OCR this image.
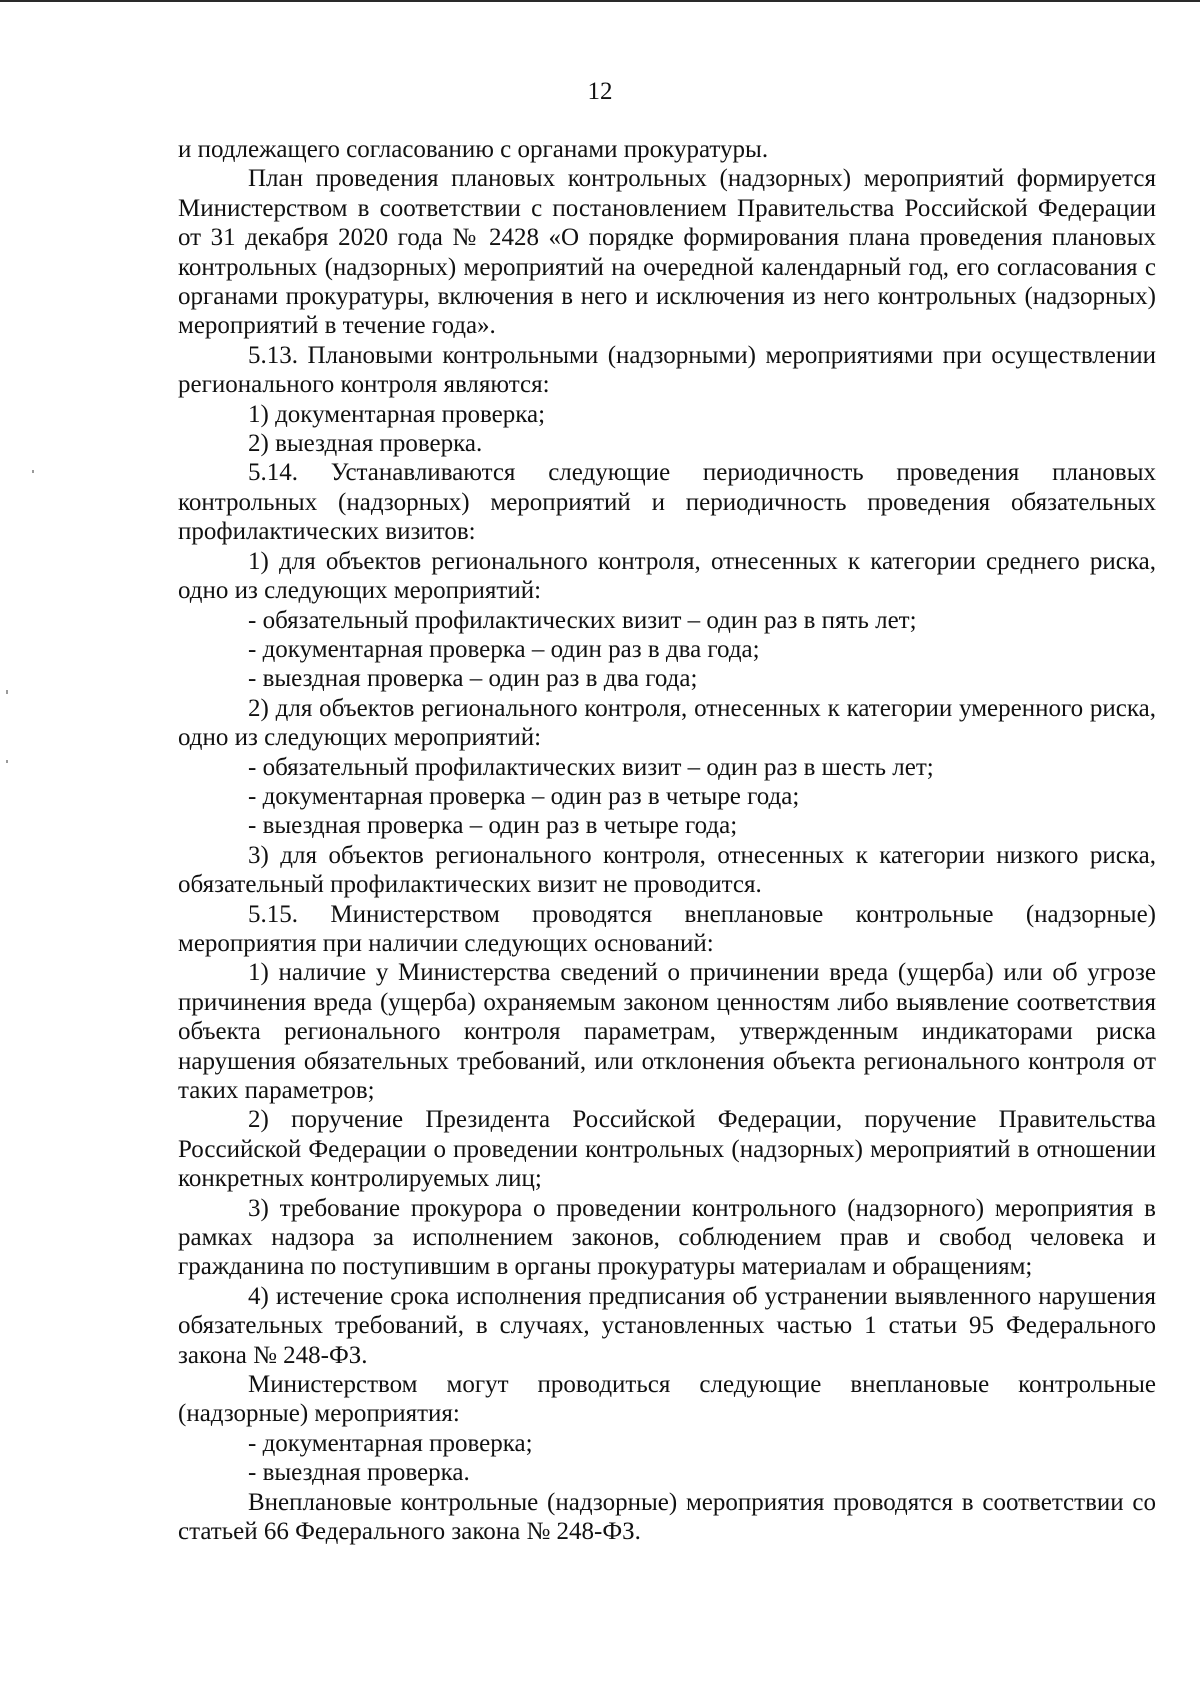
12

и подлежащего согласованию с органами прокуратуры.

План проведения плановых контрольных (надзорных) мероприятий формируется Министерством в соответствии с постановлением Правительства Российской Федерации от 31 декабря 2020 года № 2428 «О порядке формирования плана проведения плановых контрольных (надзорных) мероприятий на очередной календарный год, его согласования с органами прокуратуры, включения в него и исключения из него контрольных (надзорных) мероприятий в течение года».

5.13. Плановыми контрольными (надзорными) мероприятиями при осуществлении регионального контроля являются:

1) документарная проверка;

2) выездная проверка.

5.14. Устанавливаются следующие периодичность проведения плановых контрольных (надзорных) мероприятий и периодичность проведения обязательных профилактических визитов:

1) для объектов регионального контроля, отнесенных к категории среднего риска, одно из следующих мероприятий:

- обязательный профилактических визит – один раз в пять лет;

- документарная проверка – один раз в два года;

- выездная проверка – один раз в два года;

2) для объектов регионального контроля, отнесенных к категории умеренного риска, одно из следующих мероприятий:

- обязательный профилактических визит – один раз в шесть лет;

- документарная проверка – один раз в четыре года;

- выездная проверка – один раз в четыре года;

3) для объектов регионального контроля, отнесенных к категории низкого риска, обязательный профилактических визит не проводится.

5.15. Министерством проводятся внеплановые контрольные (надзорные) мероприятия при наличии следующих оснований:

1) наличие у Министерства сведений о причинении вреда (ущерба) или об угрозе причинения вреда (ущерба) охраняемым законом ценностям либо выявление соответствия объекта регионального контроля параметрам, утвержденным индикаторами риска нарушения обязательных требований, или отклонения объекта регионального контроля от таких параметров;

2) поручение Президента Российской Федерации, поручение Правительства Российской Федерации о проведении контрольных (надзорных) мероприятий в отношении конкретных контролируемых лиц;

3) требование прокурора о проведении контрольного (надзорного) мероприятия в рамках надзора за исполнением законов, соблюдением прав и свобод человека и гражданина по поступившим в органы прокуратуры материалам и обращениям;

4) истечение срока исполнения предписания об устранении выявленного нарушения обязательных требований, в случаях, установленных частью 1 статьи 95 Федерального закона № 248-ФЗ.

Министерством могут проводиться следующие внеплановые контрольные (надзорные) мероприятия:

- документарная проверка;

- выездная проверка.

Внеплановые контрольные (надзорные) мероприятия проводятся в соответствии со статьей 66 Федерального закона № 248-ФЗ.
